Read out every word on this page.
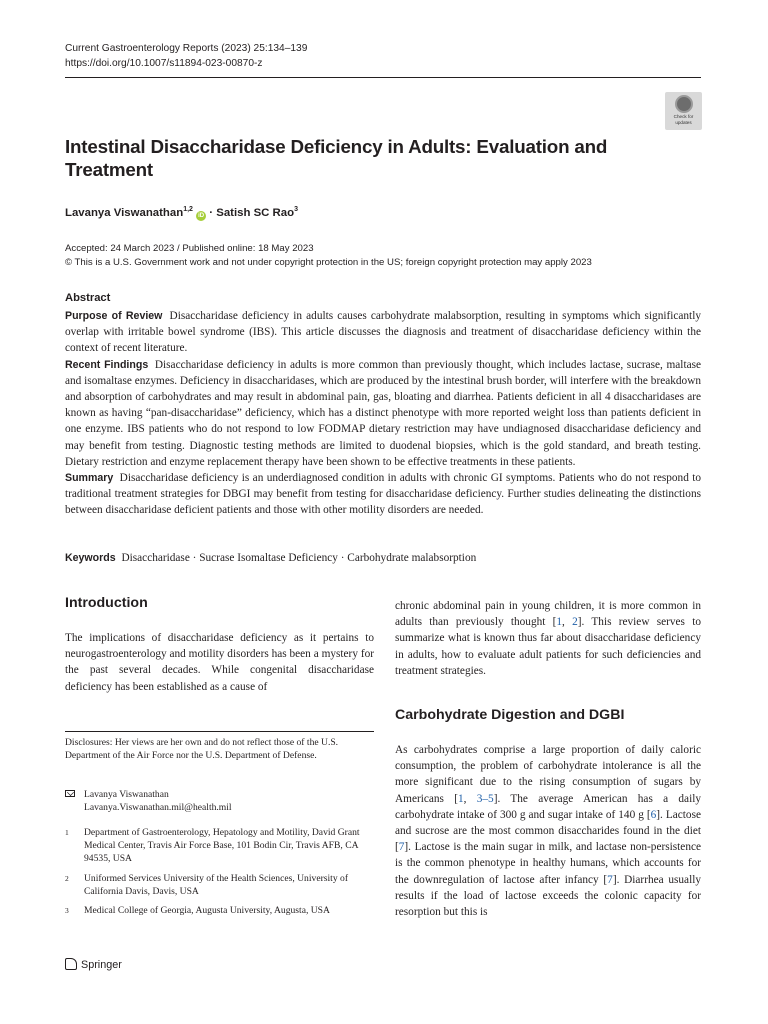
Current Gastroenterology Reports (2023) 25:134–139
https://doi.org/10.1007/s11894-023-00870-z
Check for
updates
Intestinal Disaccharidase Deficiency in Adults: Evaluation and Treatment
Lavanya Viswanathan$^{1,2}$ iD · Satish SC Rao$^3$
Accepted: 24 March 2023 / Published online: 18 May 2023
© This is a U.S. Government work and not under copyright protection in the US; foreign copyright protection may apply 2023
Abstract
Purpose of Review Disaccharidase deficiency in adults causes carbohydrate malabsorption, resulting in symptoms which significantly overlap with irritable bowel syndrome (IBS). This article discusses the diagnosis and treatment of disaccharidase deficiency within the context of recent literature.
Recent Findings Disaccharidase deficiency in adults is more common than previously thought, which includes lactase, sucrase, maltase and isomaltase enzymes. Deficiency in disaccharidases, which are produced by the intestinal brush border, will interfere with the breakdown and absorption of carbohydrates and may result in abdominal pain, gas, bloating and diarrhea. Patients deficient in all 4 disaccharidases are known as having “pan-disaccharidase” deficiency, which has a distinct phenotype with more reported weight loss than patients deficient in one enzyme. IBS patients who do not respond to low FODMAP dietary restriction may have undiagnosed disaccharidase deficiency and may benefit from testing. Diagnostic testing methods are limited to duodenal biopsies, which is the gold standard, and breath testing. Dietary restriction and enzyme replacement therapy have been shown to be effective treatments in these patients.
Summary Disaccharidase deficiency is an underdiagnosed condition in adults with chronic GI symptoms. Patients who do not respond to traditional treatment strategies for DBGI may benefit from testing for disaccharidase deficiency. Further studies delineating the distinctions between disaccharidase deficient patients and those with other motility disorders are needed.
Keywords Disaccharidase · Sucrase Isomaltase Deficiency · Carbohydrate malabsorption
Introduction
The implications of disaccharidase deficiency as it pertains to neurogastroenterology and motility disorders has been a mystery for the past several decades. While congenital disaccharidase deficiency has been established as a cause of
chronic abdominal pain in young children, it is more common in adults than previously thought [1, 2]. This review serves to summarize what is known thus far about disaccharidase deficiency in adults, how to evaluate adult patients for such deficiencies and treatment strategies.
Carbohydrate Digestion and DGBI
As carbohydrates comprise a large proportion of daily caloric consumption, the problem of carbohydrate intolerance is all the more significant due to the rising consumption of sugars by Americans [1, 3–5]. The average American has a daily carbohydrate intake of 300 g and sugar intake of 140 g [6]. Lactose and sucrose are the most common disaccharides found in the diet [7]. Lactose is the main sugar in milk, and lactase non-persistence is the common phenotype in healthy humans, which accounts for the downregulation of lactose after infancy [7]. Diarrhea usually results if the load of lactose exceeds the colonic capacity for resorption but this is
Disclosures: Her views are her own and do not reflect those of the U.S. Department of the Air Force nor the U.S. Department of Defense.
Lavanya Viswanathan
Lavanya.Viswanathan.mil@health.mil
1 Department of Gastroenterology, Hepatology and Motility, David Grant Medical Center, Travis Air Force Base, 101 Bodin Cir, Travis AFB, CA 94535, USA
2 Uniformed Services University of the Health Sciences, University of California Davis, Davis, USA
3 Medical College of Georgia, Augusta University, Augusta, USA
Springer
